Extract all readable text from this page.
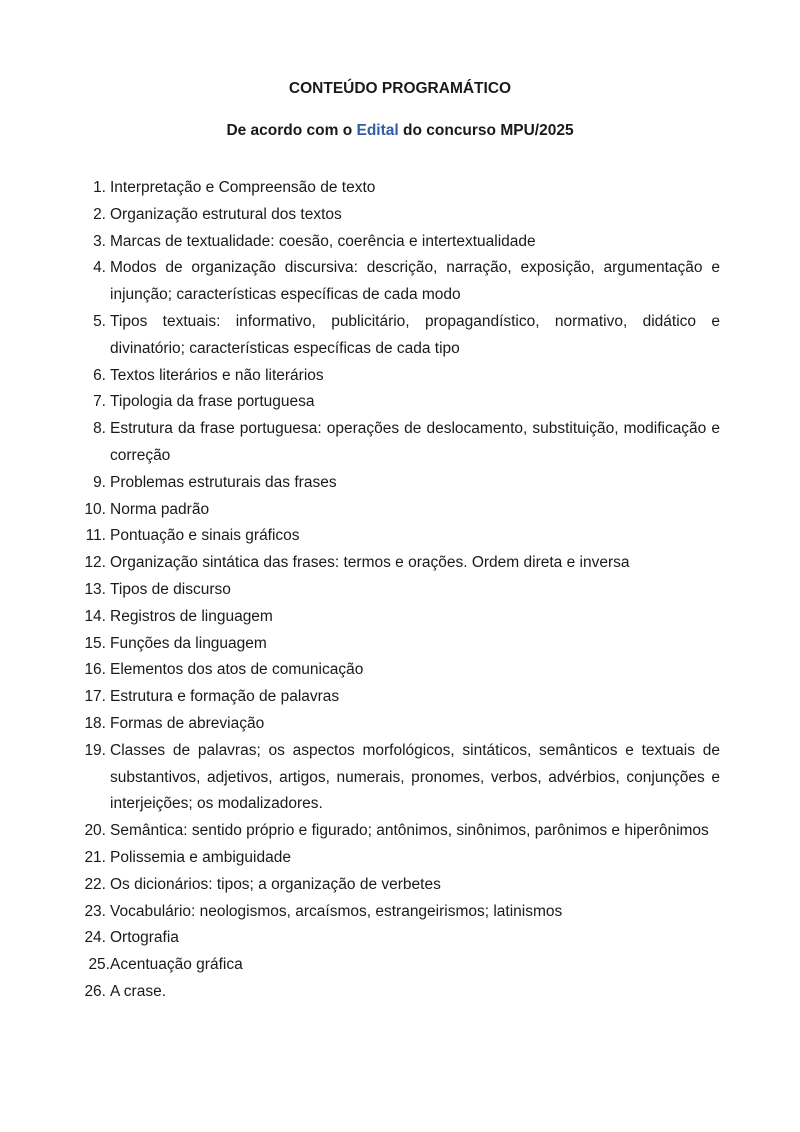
CONTEÚDO PROGRAMÁTICO
De acordo com o Edital do concurso MPU/2025
1. Interpretação e Compreensão de texto
2. Organização estrutural dos textos
3. Marcas de textualidade: coesão, coerência e intertextualidade
4. Modos de organização discursiva: descrição, narração, exposição, argumentação e injunção; características específicas de cada modo
5. Tipos textuais: informativo, publicitário, propagandístico, normativo, didático e divinatório; características específicas de cada tipo
6. Textos literários e não literários
7. Tipologia da frase portuguesa
8. Estrutura da frase portuguesa: operações de deslocamento, substituição, modificação e correção
9. Problemas estruturais das frases
10. Norma padrão
11. Pontuação e sinais gráficos
12. Organização sintática das frases: termos e orações. Ordem direta e inversa
13. Tipos de discurso
14. Registros de linguagem
15. Funções da linguagem
16. Elementos dos atos de comunicação
17. Estrutura e formação de palavras
18. Formas de abreviação
19. Classes de palavras; os aspectos morfológicos, sintáticos, semânticos e textuais de substantivos, adjetivos, artigos, numerais, pronomes, verbos, advérbios, conjunções e interjeições; os modalizadores.
20. Semântica: sentido próprio e figurado; antônimos, sinônimos, parônimos e hiperônimos
21. Polissemia e ambiguidade
22. Os dicionários: tipos; a organização de verbetes
23. Vocabulário: neologismos, arcaísmos, estrangeirismos; latinismos
24. Ortografia
25. Acentuação gráfica
26. A crase.
